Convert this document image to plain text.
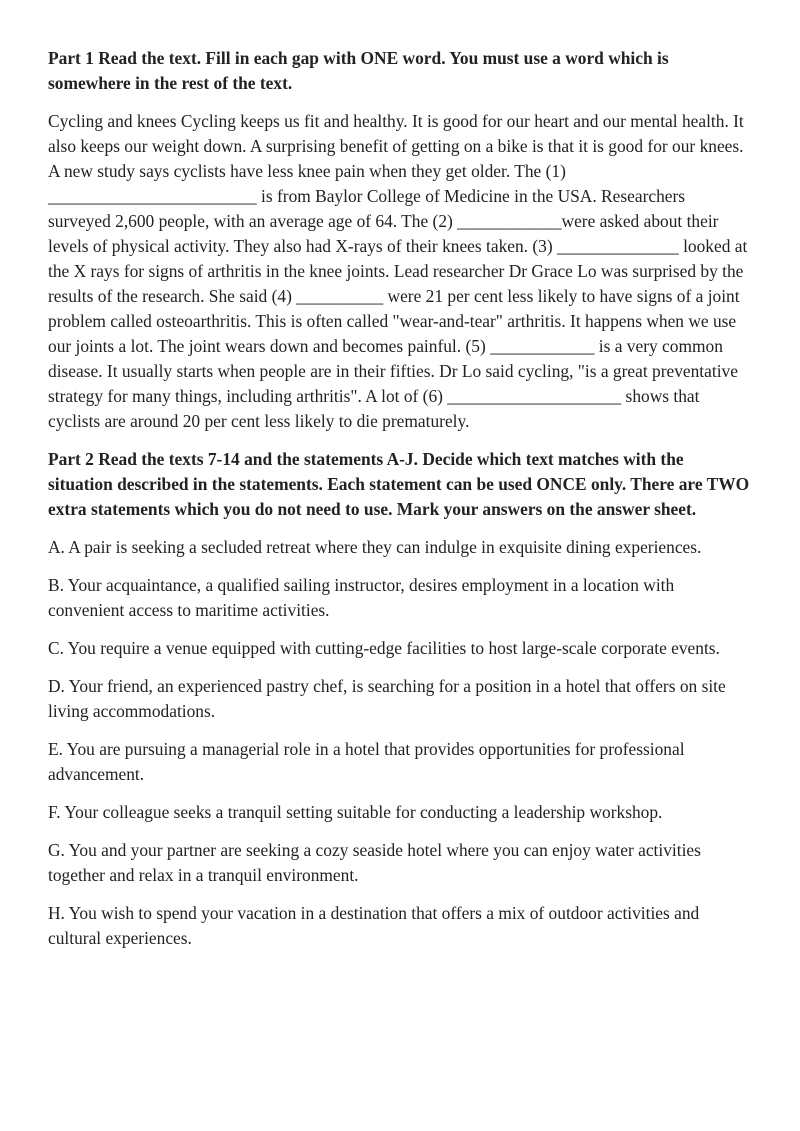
Part 1 Read the text. Fill in each gap with ONE word. You must use a word which is somewhere in the rest of the text.

Cycling and knees Cycling keeps us fit and healthy. It is good for our heart and our mental health. It also keeps our weight down. A surprising benefit of getting on a bike is that it is good for our knees. A new study says cyclists have less knee pain when they get older. The (1) ________________________ is from Baylor College of Medicine in the USA. Researchers surveyed 2,600 people, with an average age of 64. The (2) ____________were asked about their levels of physical activity. They also had X-rays of their knees taken. (3) ______________ looked at the X rays for signs of arthritis in the knee joints. Lead researcher Dr Grace Lo was surprised by the results of the research. She said (4) __________ were 21 per cent less likely to have signs of a joint problem called osteoarthritis. This is often called "wear-and-tear" arthritis. It happens when we use our joints a lot. The joint wears down and becomes painful. (5) ____________ is a very common disease. It usually starts when people are in their fifties. Dr Lo said cycling, "is a great preventative strategy for many things, including arthritis". A lot of (6) ____________________ shows that cyclists are around 20 per cent less likely to die prematurely.

Part 2 Read the texts 7-14 and the statements A-J. Decide which text matches with the situation described in the statements. Each statement can be used ONCE only. There are TWO extra statements which you do not need to use. Mark your answers on the answer sheet.

A. A pair is seeking a secluded retreat where they can indulge in exquisite dining experiences.

B. Your acquaintance, a qualified sailing instructor, desires employment in a location with convenient access to maritime activities.

C. You require a venue equipped with cutting-edge facilities to host large-scale corporate events.

D. Your friend, an experienced pastry chef, is searching for a position in a hotel that offers on site living accommodations.

E. You are pursuing a managerial role in a hotel that provides opportunities for professional advancement.

F. Your colleague seeks a tranquil setting suitable for conducting a leadership workshop.

G. You and your partner are seeking a cozy seaside hotel where you can enjoy water activities together and relax in a tranquil environment.

H. You wish to spend your vacation in a destination that offers a mix of outdoor activities and cultural experiences.
